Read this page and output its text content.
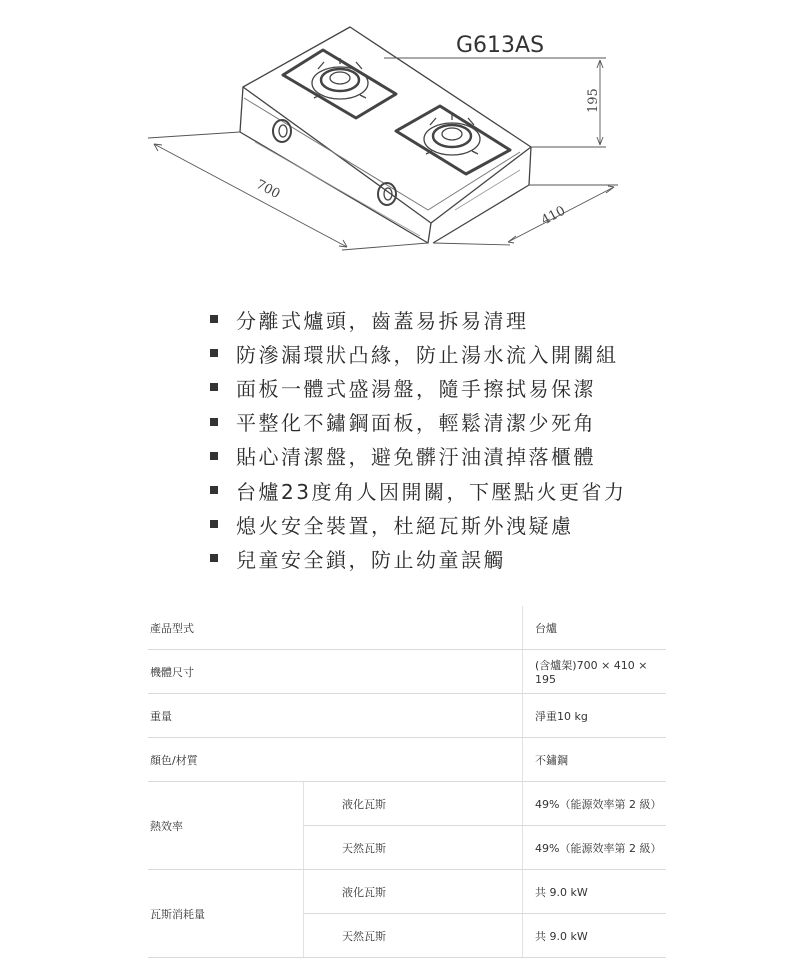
G613AS
700
410
195
分離式爐頭，齒蓋易拆易清理
防滲漏環狀凸緣，防止湯水流入開關組
面板一體式盛湯盤，隨手擦拭易保潔
平整化不鏽鋼面板，輕鬆清潔少死角
貼心清潔盤，避免髒汙油漬掉落櫃體
台爐23度角人因開關，下壓點火更省力
熄火安全裝置，杜絕瓦斯外洩疑慮
兒童安全鎖，防止幼童誤觸
產品型式		台爐
機體尺寸		(含爐架)700 × 410 × 195
重量		淨重10 kg
顏色/材質		不鏽鋼
熱效率	液化瓦斯	49%（能源效率第 2 級）
	天然瓦斯	49%（能源效率第 2 級）
瓦斯消耗量	液化瓦斯	共 9.0 kW
	天然瓦斯	共 9.0 kW
